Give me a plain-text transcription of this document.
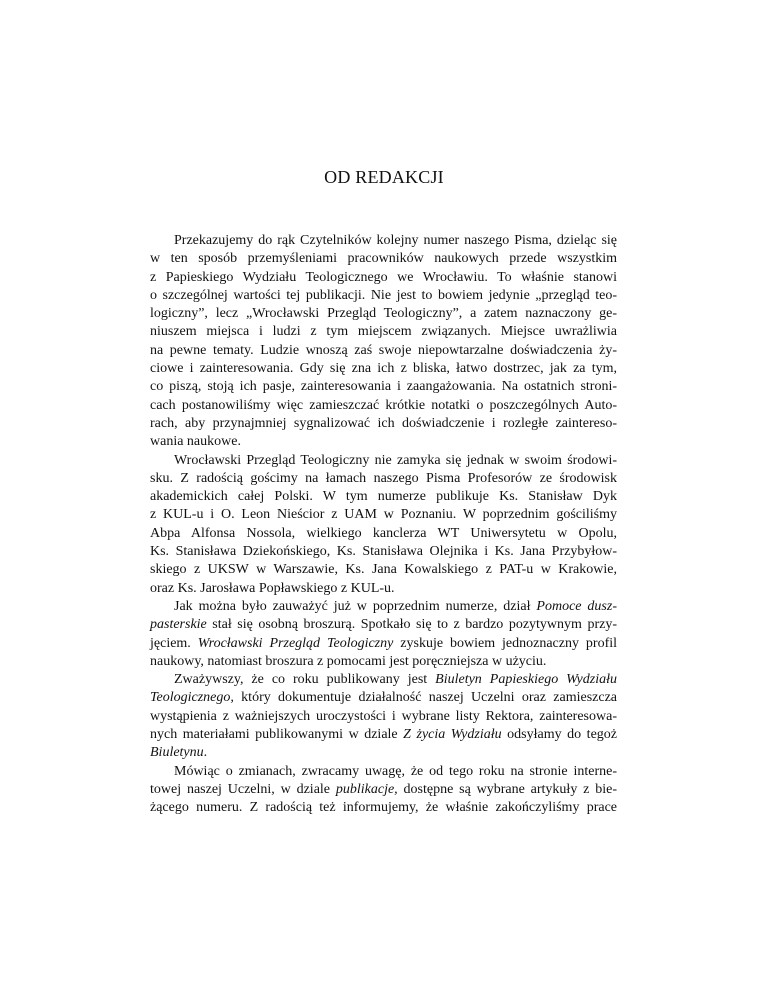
OD REDAKCJI
Przekazujemy do rąk Czytelników kolejny numer naszego Pisma, dzieląc się
w ten sposób przemyśleniami pracowników naukowych przede wszystkim
z Papieskiego Wydziału Teologicznego we Wrocławiu. To właśnie stanowi
o szczególnej wartości tej publikacji. Nie jest to bowiem jedynie „przegląd teo-
logiczny”, lecz „Wrocławski Przegląd Teologiczny”, a zatem naznaczony ge-
niuszem miejsca i ludzi z tym miejscem związanych. Miejsce uwrażliwia
na pewne tematy. Ludzie wnoszą zaś swoje niepowtarzalne doświadczenia ży-
ciowe i zainteresowania. Gdy się zna ich z bliska, łatwo dostrzec, jak za tym,
co piszą, stoją ich pasje, zainteresowania i zaangażowania. Na ostatnich stroni-
cach postanowiliśmy więc zamieszczać krótkie notatki o poszczególnych Auto-
rach, aby przynajmniej sygnalizować ich doświadczenie i rozległe zaintereso-
wania naukowe.
Wrocławski Przegląd Teologiczny nie zamyka się jednak w swoim środowi-
sku. Z radością gościmy na łamach naszego Pisma Profesorów ze środowisk
akademickich całej Polski. W tym numerze publikuje Ks. Stanisław Dyk
z KUL-u i O. Leon Nieścior z UAM w Poznaniu. W poprzednim gościliśmy
Abpa Alfonsa Nossola, wielkiego kanclerza WT Uniwersytetu w Opolu,
Ks. Stanisława Dziekońskiego, Ks. Stanisława Olejnika i Ks. Jana Przybyłow-
skiego z UKSW w Warszawie, Ks. Jana Kowalskiego z PAT-u w Krakowie,
oraz Ks. Jarosława Popławskiego z KUL-u.
Jak można było zauważyć już w poprzednim numerze, dział Pomoce dusz-
pasterskie stał się osobną broszurą. Spotkało się to z bardzo pozytywnym przy-
jęciem. Wrocławski Przegląd Teologiczny zyskuje bowiem jednoznaczny profil
naukowy, natomiast broszura z pomocami jest poręczniejsza w użyciu.
Zważywszy, że co roku publikowany jest Biuletyn Papieskiego Wydziału
Teologicznego, który dokumentuje działalność naszej Uczelni oraz zamieszcza
wystąpienia z ważniejszych uroczystości i wybrane listy Rektora, zainteresowa-
nych materiałami publikowanymi w dziale Z życia Wydziału odsyłamy do tegoż
Biuletynu.
Mówiąc o zmianach, zwracamy uwagę, że od tego roku na stronie interne-
towej naszej Uczelni, w dziale publikacje, dostępne są wybrane artykuły z bie-
żącego numeru. Z radością też informujemy, że właśnie zakończyliśmy prace
